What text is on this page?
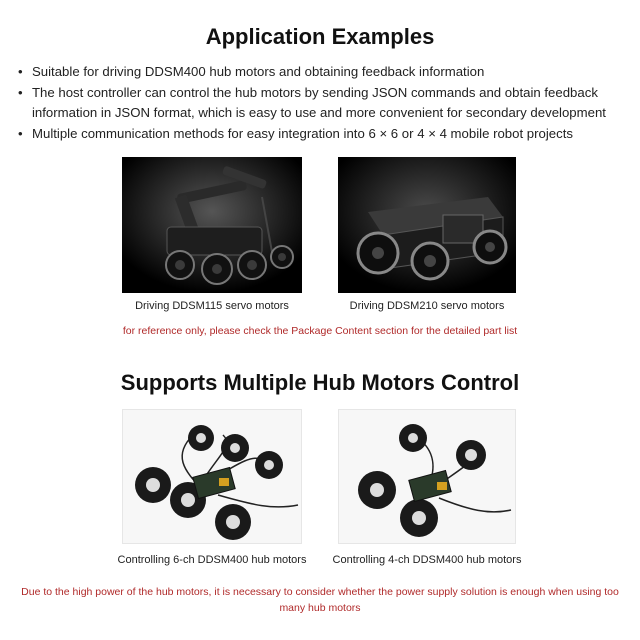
Application Examples
• Suitable for driving DDSM400 hub motors and obtaining feedback information
• The host controller can control the hub motors by sending JSON commands and obtain feedback information in JSON format, which is easy to use and more convenient for secondary development
• Multiple communication methods for easy integration into 6 × 6 or 4 × 4 mobile robot projects
Driving DDSM115 servo motors	Driving DDSM210 servo motors
for reference only, please check the Package Content section for the detailed part list
Supports Multiple Hub Motors Control
Controlling 6-ch DDSM400 hub motors	Controlling 4-ch DDSM400 hub motors
Due to the high power of the hub motors, it is necessary to consider whether the power supply solution is enough when using too many hub motors
